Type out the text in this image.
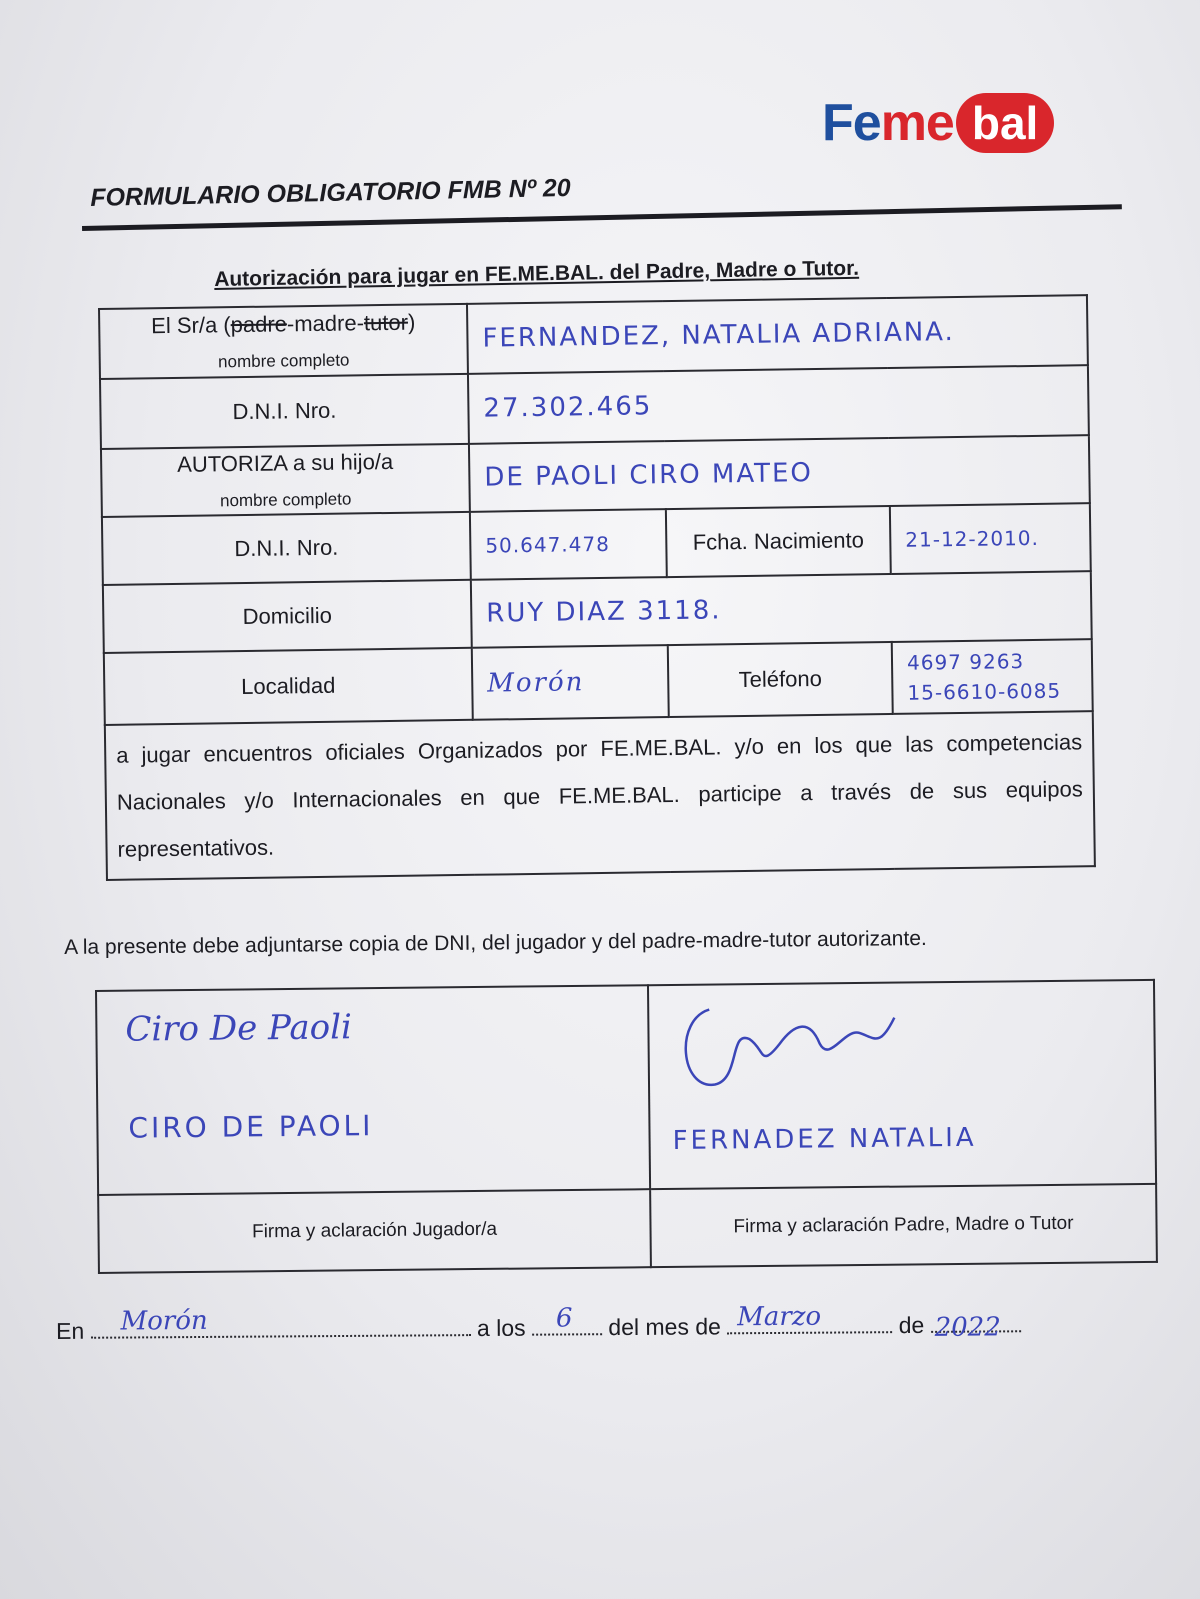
Fe me bal
FORMULARIO OBLIGATORIO FMB Nº 20
Autorización para jugar en FE.ME.BAL. del Padre, Madre o Tutor.
El Sr/a (padre-madre-tutor)
nombre completo	FERNANDEZ, NATALIA ADRIANA.		
D.N.I. Nro.	27.302.465		
AUTORIZA a su hijo/a
nombre completo	DE PAOLI CIRO MATEO		
D.N.I. Nro.	50.647.478	Fcha. Nacimiento	21-12-2010.
Domicilio	RUY DIAZ 3118.		
Localidad	Morón	Teléfono	4697 9263
15-6610-6085

a jugar encuentros oficiales Organizados por FE.ME.BAL. y/o en los que las competencias Nacionales y/o Internacionales en que FE.ME.BAL. participe a través de sus equipos representativos.			
A la presente debe adjuntarse copia de DNI, del jugador y del padre-madre-tutor autorizante.
Ciro De Paoli
CIRO DE PAOLI	FERNADEZ NATALIA

Firma y aclaración Jugador/a	Firma y aclaración Padre, Madre o Tutor
En Morón	a los 6 del mes de Marzo	de 2022
